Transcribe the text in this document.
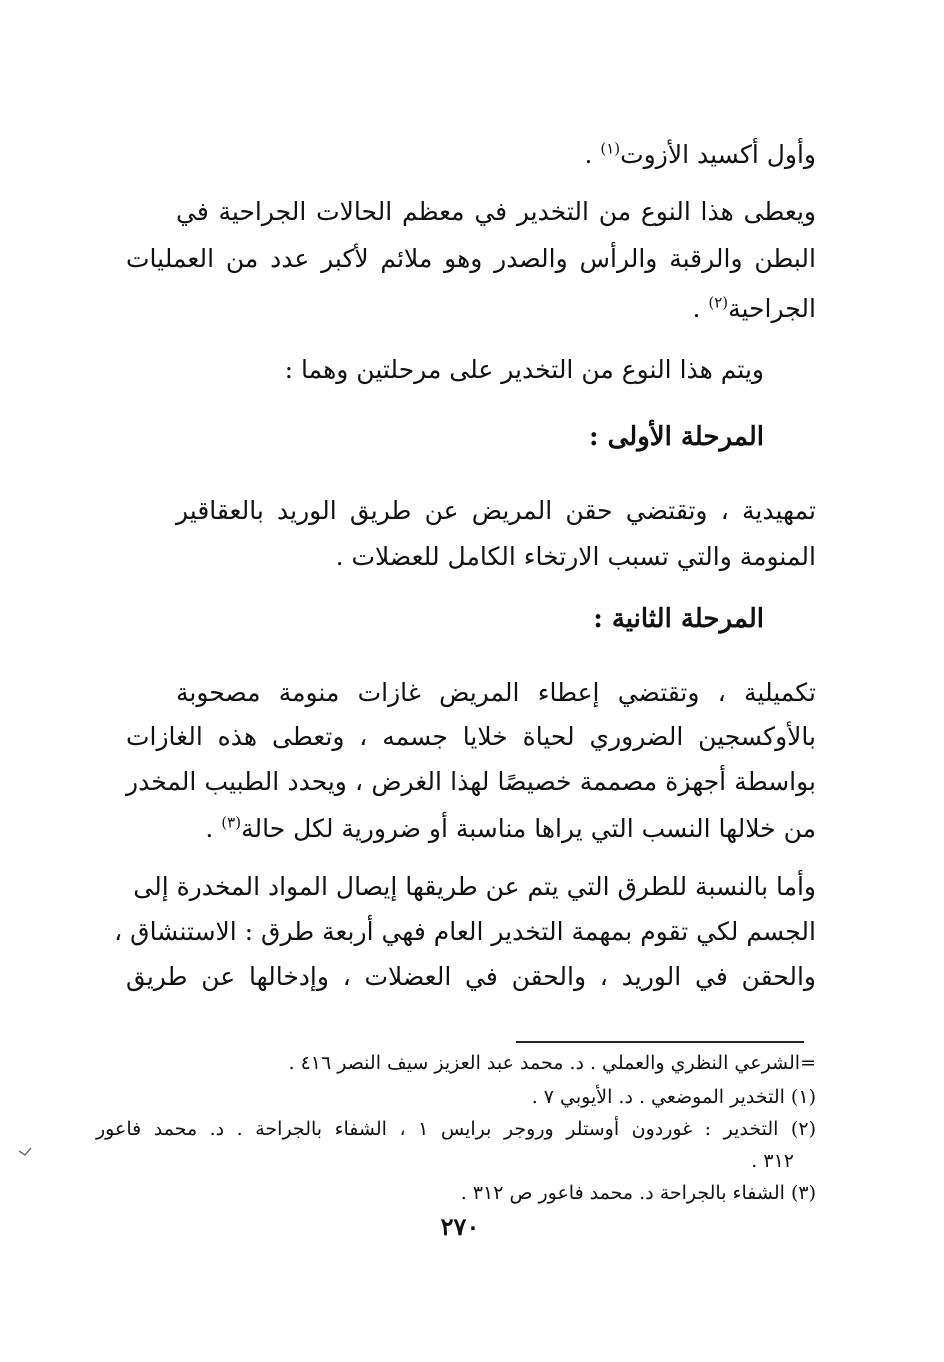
وأول أكسيد الأزوت$^{(١)}$ .
ويعطى هذا النوع من التخدير في معظم الحالات الجراحية في
البطن والرقبة والرأس والصدر وهو ملائم لأكبر عدد من العمليات
الجراحية$^{(٢)}$ .
ويتم هذا النوع من التخدير على مرحلتين وهما :
المرحلة الأولى :
تمهيدية ، وتقتضي حقن المريض عن طريق الوريد بالعقاقير
المنومة والتي تسبب الارتخاء الكامل للعضلات .
المرحلة الثانية :
تكميلية ، وتقتضي إعطاء المريض غازات منومة مصحوبة
بالأوكسجين الضروري لحياة خلايا جسمه ، وتعطى هذه الغازات
بواسطة أجهزة مصممة خصيصًا لهذا الغرض ، ويحدد الطبيب المخدر
من خلالها النسب التي يراها مناسبة أو ضرورية لكل حالة$^{(٣)}$ .
وأما بالنسبة للطرق التي يتم عن طريقها إيصال المواد المخدرة إلى
الجسم لكي تقوم بمهمة التخدير العام فهي أربعة طرق : الاستنشاق ،
والحقن في الوريد ، والحقن في العضلات ، وإدخالها عن طريق
=الشرعي النظري والعملي . د. محمد عبد العزيز سيف النصر ٤١٦ .
(١) التخدير الموضعي . د. الأيوبي ٧ .
(٢) التخدير : غوردون أوستلر وروجر برايس ١ ، الشفاء بالجراحة . د. محمد فاعور
٣١٢ .
(٣) الشفاء بالجراحة د. محمد فاعور ص ٣١٢ .
٢٧٠
